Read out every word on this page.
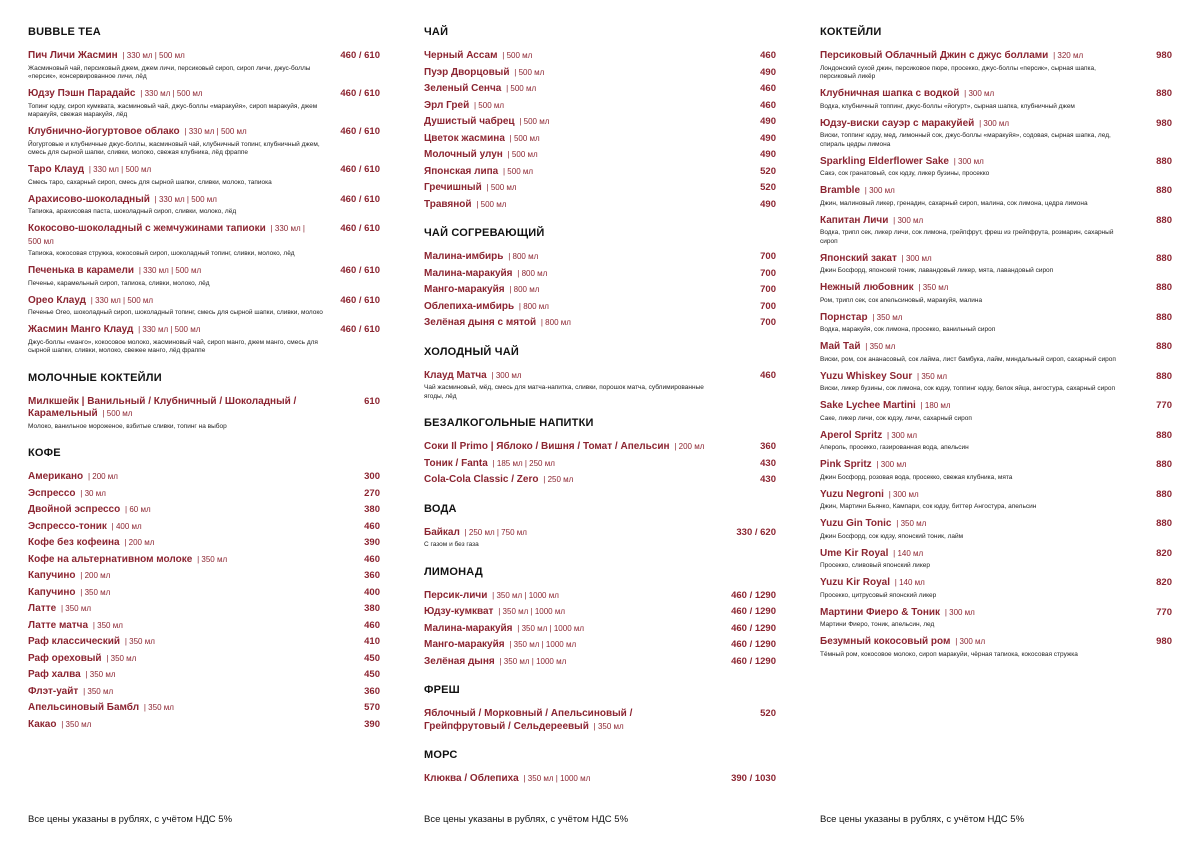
BUBBLE TEA
Пич Личи Жасмин | 330 мл | 500 мл	460 / 610
Жасминовый чай, персиковый джем, джем личи, персиковый сироп, сироп личи, джус-боллы «персик», консервированное личи, лёд
Юдзу Пэшн Парадайс | 330 мл | 500 мл	460 / 610
Топинг юдзу, сироп кумквата, жасминовый чай, джус-боллы «маракуйя», сироп маракуйя, джем маракуйя, свежая маракуйя, лёд
Клубнично-йогуртовое облако | 330 мл | 500 мл	460 / 610
Йогуртовые и клубничные джус-боллы, жасминовый чай, клубничный топинг, клубничный джем, смесь для сырной шапки, сливки, молоко, свежая клубника, лёд фраппе
Таро Клауд | 330 мл | 500 мл	460 / 610
Смесь таро, сахарный сироп, смесь для сырной шапки, сливки, молоко, тапиока
Арахисово-шоколадный | 330 мл | 500 мл	460 / 610
Тапиока, арахисовая паста, шоколадный сироп, сливки, молоко, лёд
Кокосово-шоколадный с жемчужинами тапиоки | 330 мл | 500 мл
460 / 610
Тапиока, кокосовая стружка, кокосовый сироп, шоколадный топинг, сливки, молоко, лёд
Печенька в карамели | 330 мл | 500 мл	460 / 610
Печенье, карамельный сироп, тапиока, сливки, молоко, лёд
Орео Клауд | 330 мл | 500 мл	460 / 610
Печенье Oreo, шоколадный сироп, шоколадный топинг, смесь для сырной шапки, сливки, молоко
Жасмин Манго Клауд | 330 мл | 500 мл	460 / 610
Джус-боллы «манго», кокосовое молоко, жасминовый чай, сироп манго, джем манго, смесь для сырной шапки, сливки, молоко, свежее манго, лёд фраппе
МОЛОЧНЫЕ КОКТЕЙЛИ
Милкшейк | Ванильный / Клубничный / Шоколадный / Карамельный | 500 мл
610
Молоко, ванильное мороженое, взбитые сливки, топинг на выбор
КОФЕ
Американо | 200 мл	300
Эспрессо | 30 мл	270
Двойной эспрессо | 60 мл	380
Эспрессо-тоник | 400 мл	460
Кофе без кофеина | 200 мл	390
Кофе на альтернативном молоке | 350 мл	460
Капучино | 200 мл	360
Капучино | 350 мл	400
Латте | 350 мл	380
Латте матча | 350 мл	460
Раф классический | 350 мл	410
Раф ореховый | 350 мл	450
Раф халва | 350 мл	450
Флэт-уайт | 350 мл	360
Апельсиновый Бамбл | 350 мл	570
Какао | 350 мл	390
ЧАЙ
Черный Ассам | 500 мл	460
Пуэр Дворцовый | 500 мл	490
Зеленый Сенча | 500 мл	460
Эрл Грей | 500 мл	460
Душистый чабрец | 500 мл	490
Цветок жасмина | 500 мл	490
Молочный улун | 500 мл	490
Японская липа | 500 мл	520
Гречишный | 500 мл	520
Травяной | 500 мл	490
ЧАЙ СОГРЕВАЮЩИЙ
Малина-имбирь | 800 мл	700
Малина-маракуйя | 800 мл	700
Манго-маракуйя | 800 мл	700
Облепиха-имбирь | 800 мл	700
Зелёная дыня с мятой | 800 мл	700
ХОЛОДНЫЙ ЧАЙ
Клауд Матча | 300 мл	460
Чай жасминовый, мёд, смесь для матча-напитка, сливки, порошок матча, сублимированные ягоды, лёд
БЕЗАЛКОГОЛЬНЫЕ НАПИТКИ
Соки Il Primo | Яблоко / Вишня / Томат / Апельсин | 200 мл	360
Тоник / Fanta | 185 мл | 250 мл	430
Cola-Cola Classic / Zero | 250 мл	430
ВОДА
Байкал | 250 мл | 750 мл	330 / 620
С газом и без газа
ЛИМОНАД
Персик-личи | 350 мл | 1000 мл	460 / 1290
Юдзу-кумкват | 350 мл | 1000 мл	460 / 1290
Малина-маракуйя | 350 мл | 1000 мл	460 / 1290
Манго-маракуйя | 350 мл | 1000 мл	460 / 1290
Зелёная дыня | 350 мл | 1000 мл	460 / 1290
ФРЕШ
Яблочный / Морковный / Апельсиновый / Грейпфрутовый / Сельдереевый | 350 мл
520
МОРС
Клюква / Облепиха | 350 мл | 1000 мл	390 / 1030
КОКТЕЙЛИ
Персиковый Облачный Джин с джус боллами | 320 мл	980
Лондонский сухой джин, персиковое пюре, просекко, джус-боллы «персик», сырная шапка, персиковый ликёр
Клубничная шапка с водкой | 300 мл	880
Водка, клубничный топпинг, джус-боллы «йогурт», сырная шапка, клубничный джем
Юдзу-виски сауэр с маракуйей | 300 мл	980
Виски, топпинг юдзу, мед, лимонный сок, джус-боллы «маракуйя», содовая, сырная шапка, лед, спираль цедры лимона
Sparkling Elderflower Sake | 300 мл	880
Сакэ, сок гранатовый, сок юдзу, ликер бузины, просекко
Bramble | 300 мл	880
Джин, малиновый ликер, гренадин, сахарный сироп, малина, сок лимона, цедра лимона
Капитан Личи | 300 мл	880
Водка, трипл сек, ликер личи, сок лимона, грейпфрут, фреш из грейпфрута, розмарин, сахарный сироп
Японский закат | 300 мл	880
Джин Босфорд, японский тоник, лавандовый ликер, мята, лавандовый сироп
Нежный любовник | 350 мл	880
Ром, трипл сек, сок апельсиновый, маракуйя, малина
Порнстар | 350 мл	880
Водка, маракуйя, сок лимона, просекко, ванильный сироп
Май Тай | 350 мл	880
Виски, ром, сок ананасовый, сок лайма, лист бамбука, лайм, миндальный сироп, сахарный сироп
Yuzu Whiskey Sour | 350 мл	880
Виски, ликер бузины, сок лимона, сок юдзу, топпинг юдзу, белок яйца, ангостура, сахарный сироп
Sake Lychee Martini | 180 мл	770
Саке, ликер личи, сок юдзу, личи, сахарный сироп
Aperol Spritz | 300 мл	880
Апероль, просекко, газированная вода, апельсин
Pink Spritz | 300 мл	880
Джин Босфорд, розовая вода, просекко, свежая клубника, мята
Yuzu Negroni | 300 мл	880
Джин, Мартини Бьянко, Кампари, сок юдзу, биттер Ангостура, апельсин
Yuzu Gin Tonic | 350 мл	880
Джин Босфорд, сок юдзу, японский тоник, лайм
Ume Kir Royal | 140 мл	820
Просекко, сливовый японский ликер
Yuzu Kir Royal | 140 мл	820
Просекко, цитрусовый японский ликер
Мартини Фиеро & Тоник | 300 мл	770
Мартини Фиеро, тоник, апельсин, лед
Безумный кокосовый ром | 300 мл	980
Тёмный ром, кокосовое молоко, сироп маракуйи, чёрная тапиока, кокосовая стружка
Все цены указаны в рублях, с учётом НДС 5%	Все цены указаны в рублях, с учётом НДС 5%	Все цены указаны в рублях, с учётом НДС 5%
